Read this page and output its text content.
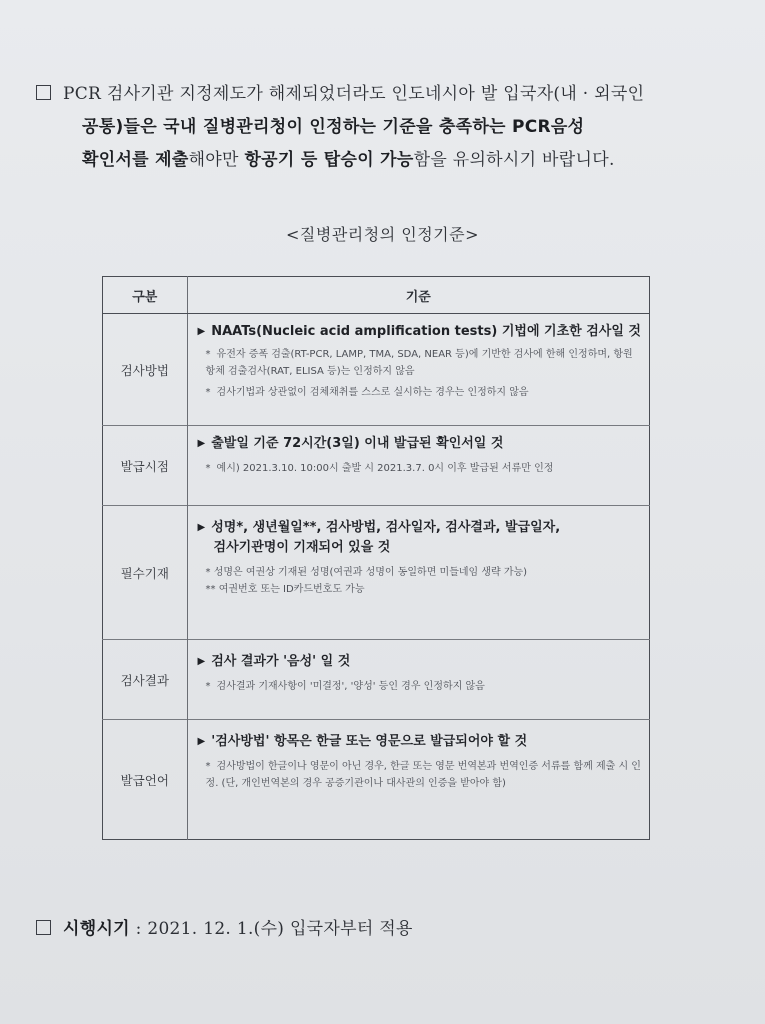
PCR 검사기관 지정제도가 해제되었더라도 인도네시아 발 입국자(내 · 외국인
공통)들은 국내 질병관리청이 인정하는 기준을 충족하는 PCR음성
확인서를 제출해야만 항공기 등 탑승이 가능함을 유의하시기 바랍니다.
<질병관리청의 인정기준>
구분	기준
검사방법	▶ NAATs(Nucleic acid amplification tests) 기법에 기초한 검사일 것
* 유전자 증폭 검출(RT-PCR, LAMP, TMA, SDA, NEAR 등)에 기반한 검사에 한해 인정하며, 항원항체 검출검사(RAT, ELISA 등)는 인정하지 않음
* 검사기법과 상관없이 검체채취를 스스로 실시하는 경우는 인정하지 않음

발급시점	▶ 출발일 기준 72시간(3일) 이내 발급된 확인서일 것
* 예시) 2021.3.10. 10:00시 출발 시 2021.3.7. 0시 이후 발급된 서류만 인정

필수기재	▶ 성명*, 생년월일**, 검사방법, 검사일자, 검사결과, 발급일자,
검사기관명이 기재되어 있을 것
* 성명은 여권상 기재된 성명(여권과 성명이 동일하면 미들네임 생략 가능)
** 여권번호 또는 ID카드번호도 가능

검사결과	▶ 검사 결과가 '음성' 일 것
* 검사결과 기재사항이 '미결정', '양성' 등인 경우 인정하지 않음

발급언어	▶ '검사방법' 항목은 한글 또는 영문으로 발급되어야 할 것
* 검사방법이 한글이나 영문이 아닌 경우, 한글 또는 영문 번역본과 번역인증 서류를 함께 제출 시 인정. (단, 개인번역본의 경우 공증기관이나 대사관의 인증을 받아야 함)
시행시기 : 2021. 12. 1.(수) 입국자부터 적용
